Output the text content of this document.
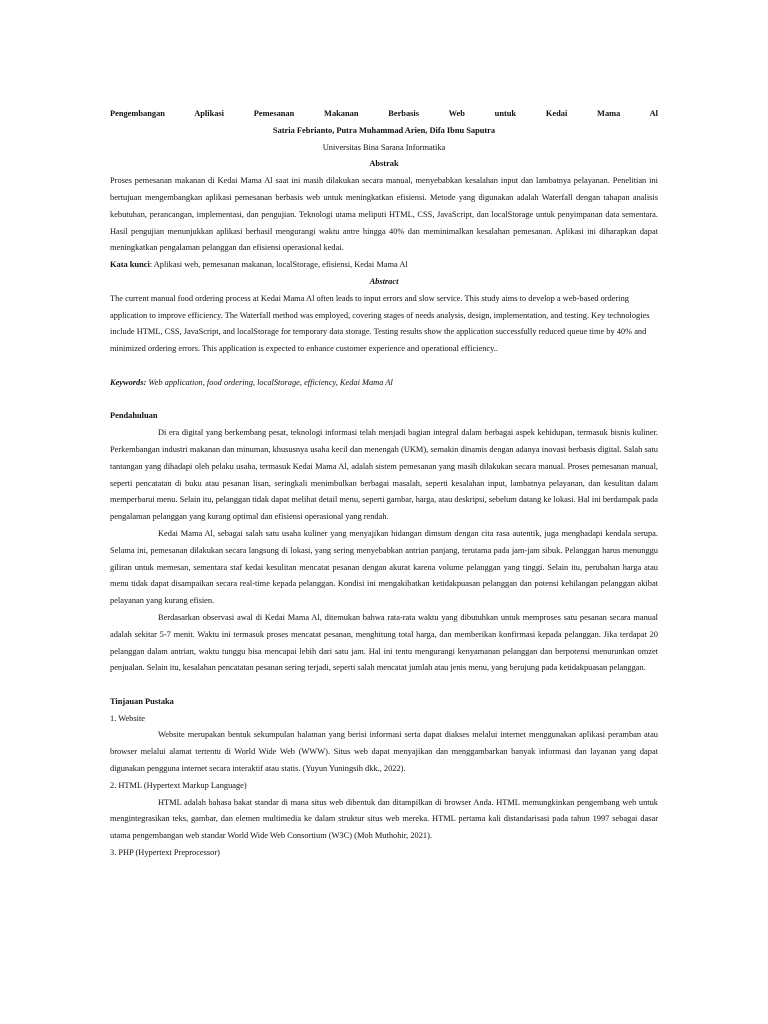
Pengembangan Aplikasi Pemesanan Makanan Berbasis Web untuk Kedai Mama Al

Satria Febrianto, Putra Muhammad Arien, Difa Ibnu Saputra

Universitas Bina Sarana Informatika

Abstrak

Proses pemesanan makanan di Kedai Mama Al saat ini masih dilakukan secara manual, menyebabkan kesalahan input dan lambatnya pelayanan. Penelitian ini bertujuan mengembangkan aplikasi pemesanan berbasis web untuk meningkatkan efisiensi. Metode yang digunakan adalah Waterfall dengan tahapan analisis kebutuhan, perancangan, implementasi, dan pengujian. Teknologi utama meliputi HTML, CSS, JavaScript, dan localStorage untuk penyimpanan data sementara. Hasil pengujian menunjukkan aplikasi berhasil mengurangi waktu antre hingga 40% dan meminimalkan kesalahan pemesanan. Aplikasi ini diharapkan dapat meningkatkan pengalaman pelanggan dan efisiensi operasional kedai.

Kata kunci: Aplikasi web, pemesanan makanan, localStorage, efisiensi, Kedai Mama Al

Abstract

The current manual food ordering process at Kedai Mama Al often leads to input errors and slow service. This study aims to develop a web-based ordering application to improve efficiency. The Waterfall method was employed, covering stages of needs analysis, design, implementation, and testing. Key technologies include HTML, CSS, JavaScript, and localStorage for temporary data storage. Testing results show the application successfully reduced queue time by 40% and minimized ordering errors. This application is expected to enhance customer experience and operational efficiency..

Keywords: Web application, food ordering, localStorage, efficiency, Kedai Mama Al

Pendahuluan

Di era digital yang berkembang pesat, teknologi informasi telah menjadi bagian integral dalam berbagai aspek kehidupan, termasuk bisnis kuliner. Perkembangan industri makanan dan minuman, khususnya usaha kecil dan menengah (UKM), semakin dinamis dengan adanya inovasi berbasis digital. Salah satu tantangan yang dihadapi oleh pelaku usaha, termasuk Kedai Mama Al, adalah sistem pemesanan yang masih dilakukan secara manual. Proses pemesanan manual, seperti pencatatan di buku atau pesanan lisan, seringkali menimbulkan berbagai masalah, seperti kesalahan input, lambatnya pelayanan, dan kesulitan dalam memperbarui menu. Selain itu, pelanggan tidak dapat melihat detail menu, seperti gambar, harga, atau deskripsi, sebelum datang ke lokasi. Hal ini berdampak pada pengalaman pelanggan yang kurang optimal dan efisiensi operasional yang rendah.

Kedai Mama Al, sebagai salah satu usaha kuliner yang menyajikan hidangan dimsum dengan cita rasa autentik, juga menghadapi kendala serupa. Selama ini, pemesanan dilakukan secara langsung di lokasi, yang sering menyebabkan antrian panjang, terutama pada jam-jam sibuk. Pelanggan harus menunggu giliran untuk memesan, sementara staf kedai kesulitan mencatat pesanan dengan akurat karena volume pelanggan yang tinggi. Selain itu, perubahan harga atau menu tidak dapat disampaikan secara real-time kepada pelanggan. Kondisi ini mengakibatkan ketidakpuasan pelanggan dan potensi kehilangan pelanggan akibat pelayanan yang kurang efisien.

Berdasarkan observasi awal di Kedai Mama Al, ditemukan bahwa rata-rata waktu yang dibutuhkan untuk memproses satu pesanan secara manual adalah sekitar 5-7 menit. Waktu ini termasuk proses mencatat pesanan, menghitung total harga, dan memberikan konfirmasi kepada pelanggan. Jika terdapat 20 pelanggan dalam antrian, waktu tunggu bisa mencapai lebih dari satu jam. Hal ini tentu mengurangi kenyamanan pelanggan dan berpotensi menurunkan omzet penjualan. Selain itu, kesalahan pencatatan pesanan sering terjadi, seperti salah mencatat jumlah atau jenis menu, yang berujung pada ketidakpuasan pelanggan.

Tinjauan Pustaka

1. Website

Website merupakan bentuk sekumpulan halaman yang berisi informasi serta dapat diakses melalui internet menggunakan aplikasi peramban atau browser melalui alamat tertentu di World Wide Web (WWW). Situs web dapat menyajikan dan menggambarkan banyak informasi dan layanan yang dapat digunakan pengguna internet secara interaktif atau statis. (Yuyun Yuningsih dkk., 2022).

2. HTML (Hypertext Markup Language)

HTML adalah bahasa bakat standar di mana situs web dibentuk dan ditampilkan di browser Anda. HTML memungkinkan pengembang web untuk mengintegrasikan teks, gambar, dan elemen multimedia ke dalam struktur situs web mereka. HTML pertama kali distandarisasi pada tahun 1997 sebagai dasar utama pengembangan web standar World Wide Web Consortium (W3C) (Moh Muthohir, 2021).

3. PHP (Hypertext Preprocessor)
